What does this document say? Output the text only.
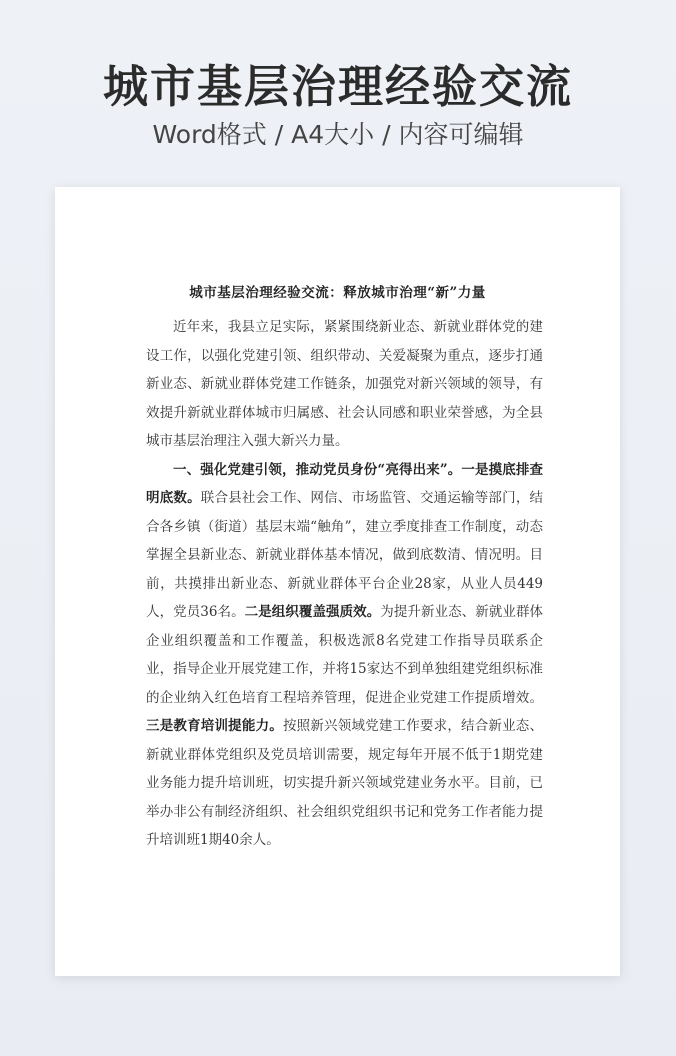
城市基层治理经验交流
Word格式 / A4大小 / 内容可编辑
城市基层治理经验交流：释放城市治理“新”力量

近年来，我县立足实际，紧紧围绕新业态、新就业群体党的建设工作，以强化党建引领、组织带动、关爱凝聚为重点，逐步打通新业态、新就业群体党建工作链条，加强党对新兴领域的领导，有效提升新就业群体城市归属感、社会认同感和职业荣誉感，为全县城市基层治理注入强大新兴力量。

一、强化党建引领，推动党员身份“亮得出来”。一是摸底排查明底数。联合县社会工作、网信、市场监管、交通运输等部门，结合各乡镇（街道）基层末端“触角”，建立季度排查工作制度，动态掌握全县新业态、新就业群体基本情况，做到底数清、情况明。目前，共摸排出新业态、新就业群体平台企业28家，从业人员449人，党员36名。二是组织覆盖强质效。为提升新业态、新就业群体企业组织覆盖和工作覆盖，积极选派8名党建工作指导员联系企业，指导企业开展党建工作，并将15家达不到单独组建党组织标准的企业纳入红色培育工程培养管理，促进企业党建工作提质增效。三是教育培训提能力。按照新兴领域党建工作要求，结合新业态、新就业群体党组织及党员培训需要，规定每年开展不低于1期党建业务能力提升培训班，切实提升新兴领域党建业务水平。目前，已举办非公有制经济组织、社会组织党组织书记和党务工作者能力提升培训班1期40余人。
